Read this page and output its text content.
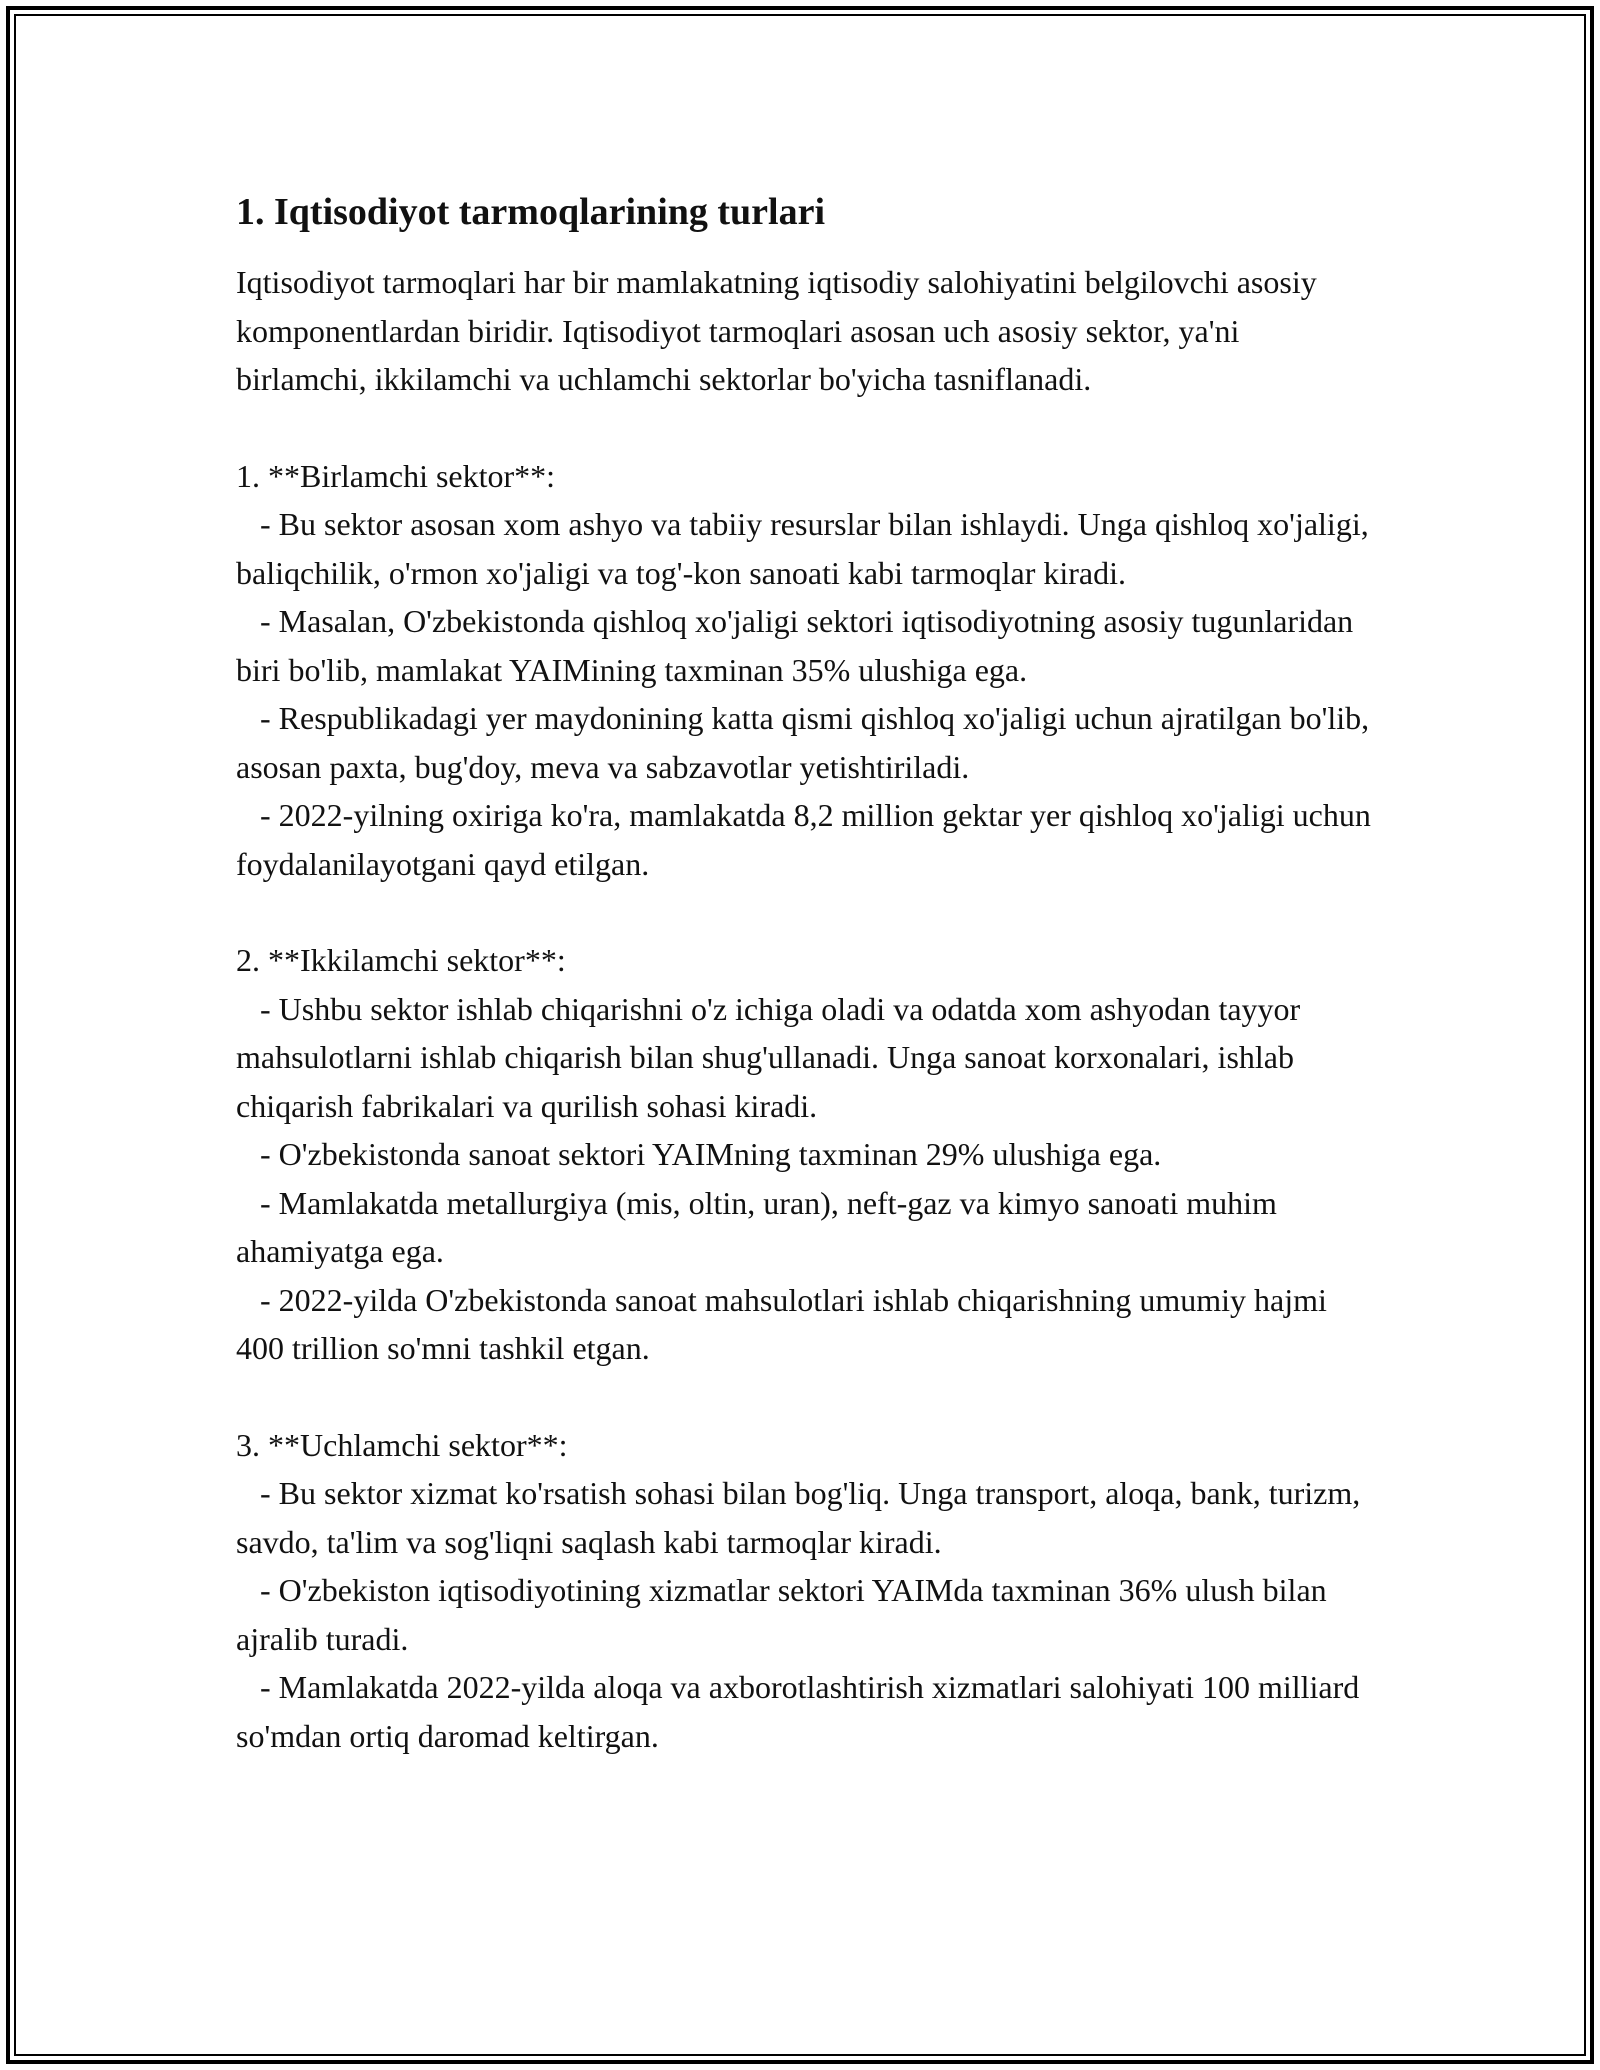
1. Iqtisodiyot tarmoqlarining turlari

Iqtisodiyot tarmoqlari har bir mamlakatning iqtisodiy salohiyatini belgilovchi asosiy komponentlardan biridir. Iqtisodiyot tarmoqlari asosan uch asosiy sektor, ya'ni birlamchi, ikkilamchi va uchlamchi sektorlar bo'yicha tasniflanadi.

1. **Birlamchi sektor**:

- Bu sektor asosan xom ashyo va tabiiy resurslar bilan ishlaydi. Unga qishloq xo'jaligi, baliqchilik, o'rmon xo'jaligi va tog'-kon sanoati kabi tarmoqlar kiradi.

- Masalan, O'zbekistonda qishloq xo'jaligi sektori iqtisodiyotning asosiy tugunlaridan biri bo'lib, mamlakat YAIMining taxminan 35% ulushiga ega.

- Respublikadagi yer maydonining katta qismi qishloq xo'jaligi uchun ajratilgan bo'lib, asosan paxta, bug'doy, meva va sabzavotlar yetishtiriladi.

- 2022-yilning oxiriga ko'ra, mamlakatda 8,2 million gektar yer qishloq xo'jaligi uchun foydalanilayotgani qayd etilgan.

2. **Ikkilamchi sektor**:

- Ushbu sektor ishlab chiqarishni o'z ichiga oladi va odatda xom ashyodan tayyor mahsulotlarni ishlab chiqarish bilan shug'ullanadi. Unga sanoat korxonalari, ishlab chiqarish fabrikalari va qurilish sohasi kiradi.

- O'zbekistonda sanoat sektori YAIMning taxminan 29% ulushiga ega.

- Mamlakatda metallurgiya (mis, oltin, uran), neft-gaz va kimyo sanoati muhim ahamiyatga ega.

- 2022-yilda O'zbekistonda sanoat mahsulotlari ishlab chiqarishning umumiy hajmi 400 trillion so'mni tashkil etgan.

3. **Uchlamchi sektor**:

- Bu sektor xizmat ko'rsatish sohasi bilan bog'liq. Unga transport, aloqa, bank, turizm, savdo, ta'lim va sog'liqni saqlash kabi tarmoqlar kiradi.

- O'zbekiston iqtisodiyotining xizmatlar sektori YAIMda taxminan 36% ulush bilan ajralib turadi.

- Mamlakatda 2022-yilda aloqa va axborotlashtirish xizmatlari salohiyati 100 milliard so'mdan ortiq daromad keltirgan.
